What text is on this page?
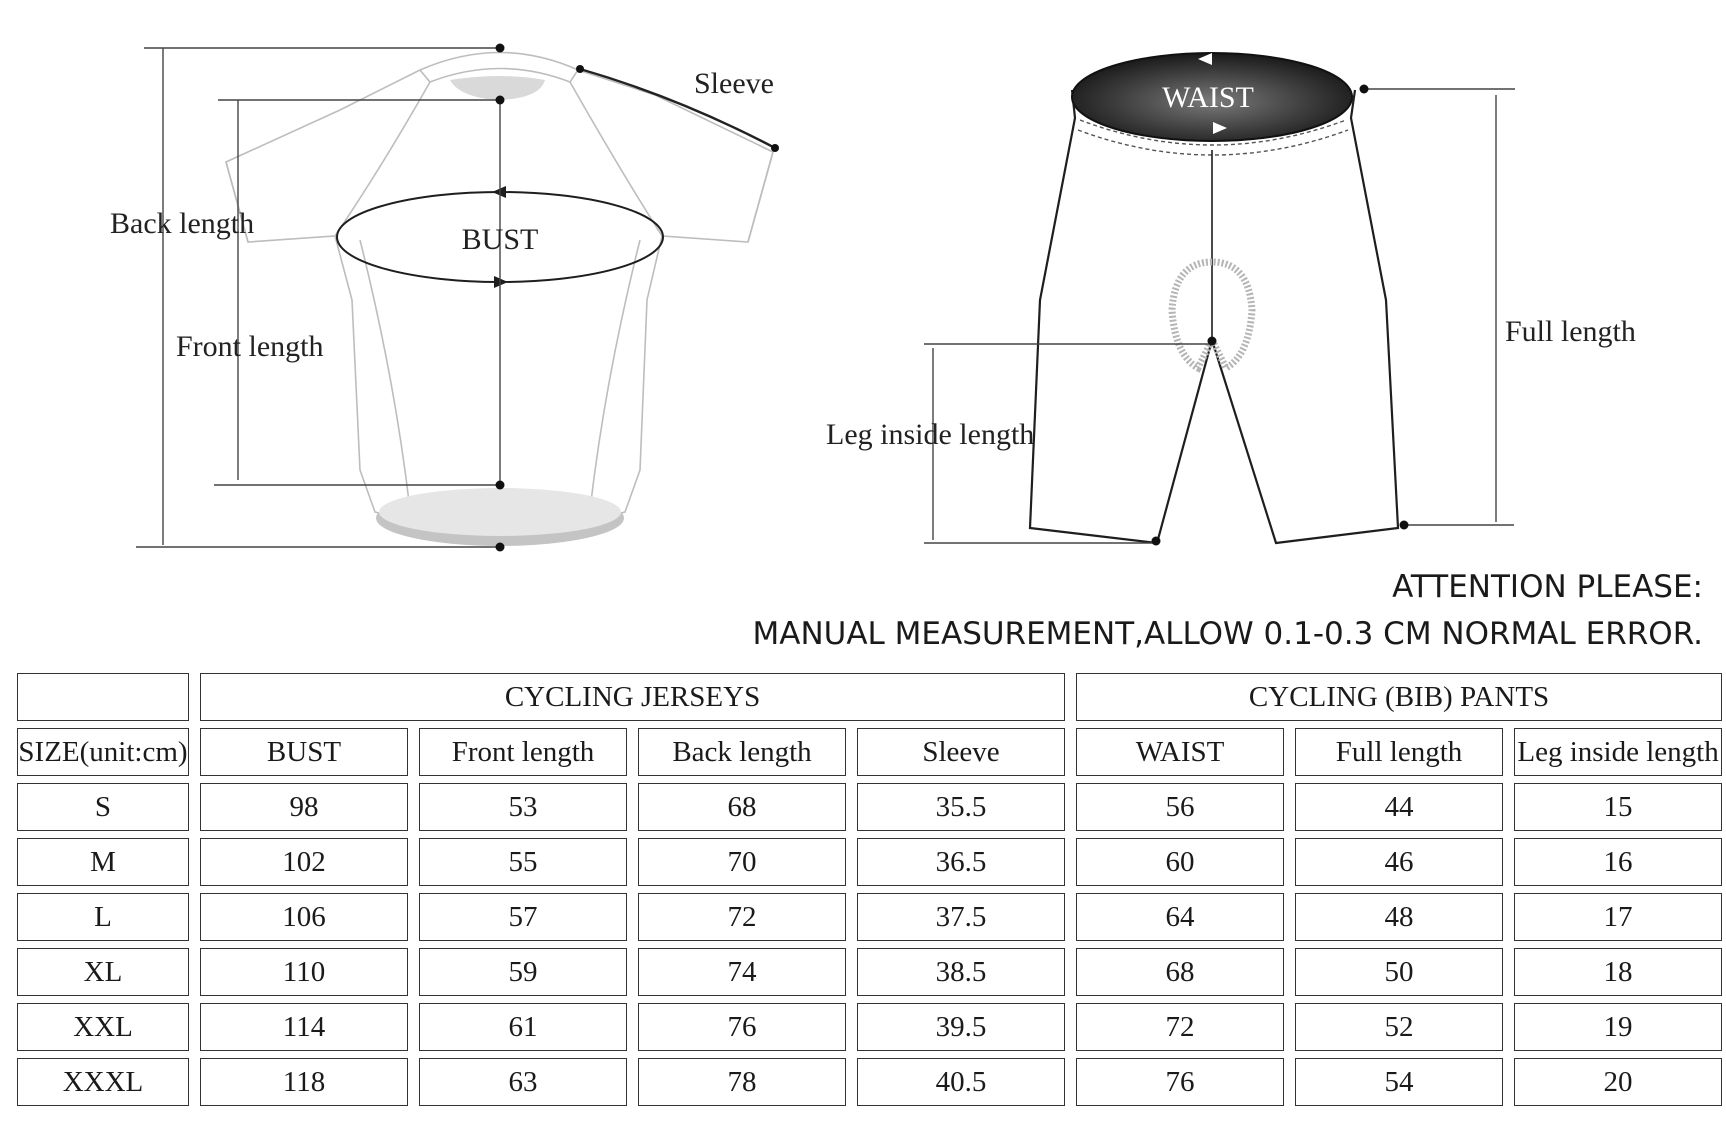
Sleeve
Back length	BUST
Front length
WAIST
Full length
Leg inside length
ATTENTION PLEASE:
MANUAL MEASUREMENT,ALLOW 0.1-0.3 CM NORMAL ERROR.
	CYCLING JERSEYS				CYCLING (BIB) PANTS		
SIZE(unit:cm)	BUST	Front length	Back length	Sleeve	WAIST	Full length	Leg inside length
S	98	53	68	35.5	56	44	15
M	102	55	70	36.5	60	46	16
L	106	57	72	37.5	64	48	17
XL	110	59	74	38.5	68	50	18
XXL	114	61	76	39.5	72	52	19
XXXL	118	63	78	40.5	76	54	20
